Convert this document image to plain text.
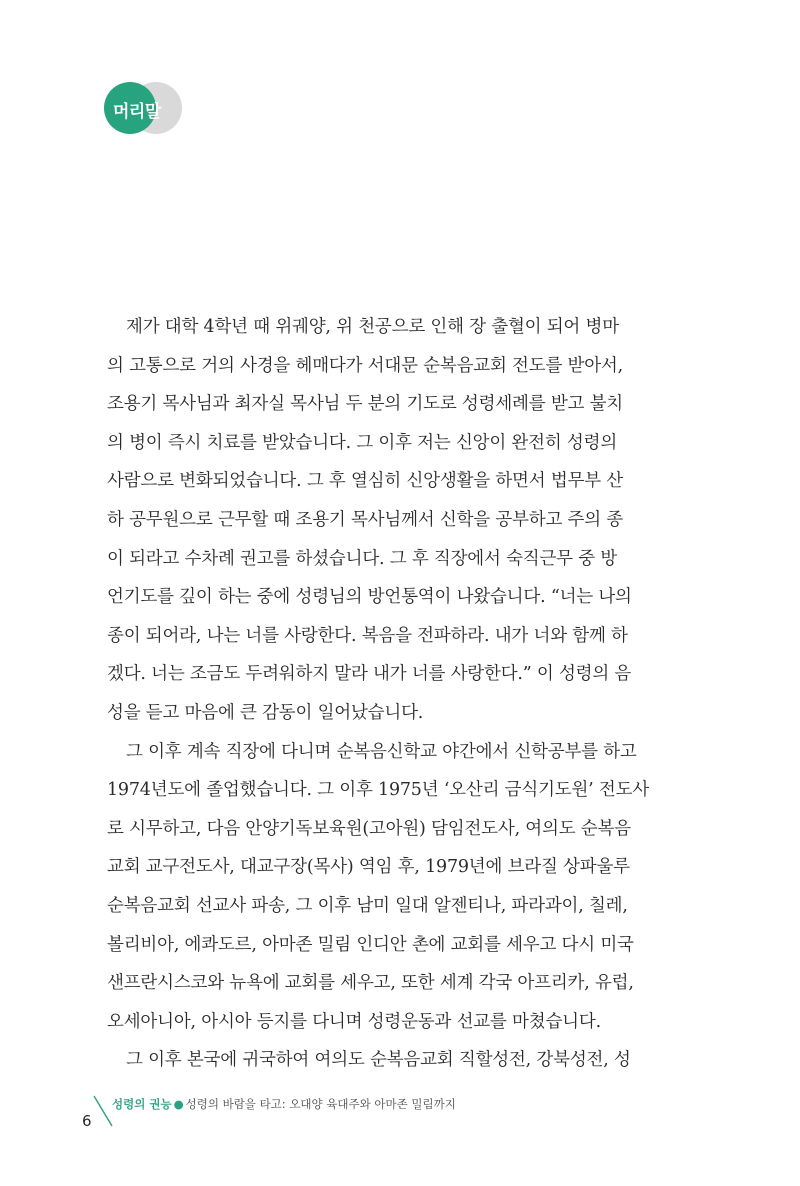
머리말
제가 대학 4학년 때 위궤양, 위 천공으로 인해 장 출혈이 되어 병마
의 고통으로 거의 사경을 헤매다가 서대문 순복음교회 전도를 받아서,
조용기 목사님과 최자실 목사님 두 분의 기도로 성령세례를 받고 불치
의 병이 즉시 치료를 받았습니다. 그 이후 저는 신앙이 완전히 성령의
사람으로 변화되었습니다. 그 후 열심히 신앙생활을 하면서 법무부 산
하 공무원으로 근무할 때 조용기 목사님께서 신학을 공부하고 주의 종
이 되라고 수차례 권고를 하셨습니다. 그 후 직장에서 숙직근무 중 방
언기도를 깊이 하는 중에 성령님의 방언통역이 나왔습니다. “너는 나의
종이 되어라, 나는 너를 사랑한다. 복음을 전파하라. 내가 너와 함께 하
겠다. 너는 조금도 두려워하지 말라 내가 너를 사랑한다.” 이 성령의 음
성을 듣고 마음에 큰 감동이 일어났습니다.
그 이후 계속 직장에 다니며 순복음신학교 야간에서 신학공부를 하고
1974년도에 졸업했습니다. 그 이후 1975년 ‘오산리 금식기도원’ 전도사
로 시무하고, 다음 안양기독보육원(고아원) 담임전도사, 여의도 순복음
교회 교구전도사, 대교구장(목사) 역임 후, 1979년에 브라질 상파울루
순복음교회 선교사 파송, 그 이후 남미 일대 알젠티나, 파라과이, 칠레,
볼리비아, 에콰도르, 아마존 밀림 인디안 촌에 교회를 세우고 다시 미국
샌프란시스코와 뉴욕에 교회를 세우고, 또한 세계 각국 아프리카, 유럽,
오세아니아, 아시아 등지를 다니며 성령운동과 선교를 마쳤습니다.
그 이후 본국에 귀국하여 여의도 순복음교회 직할성전, 강북성전, 성
6
성령의 권능 ● 성령의 바람을 타고: 오대양 육대주와 아마존 밀림까지
